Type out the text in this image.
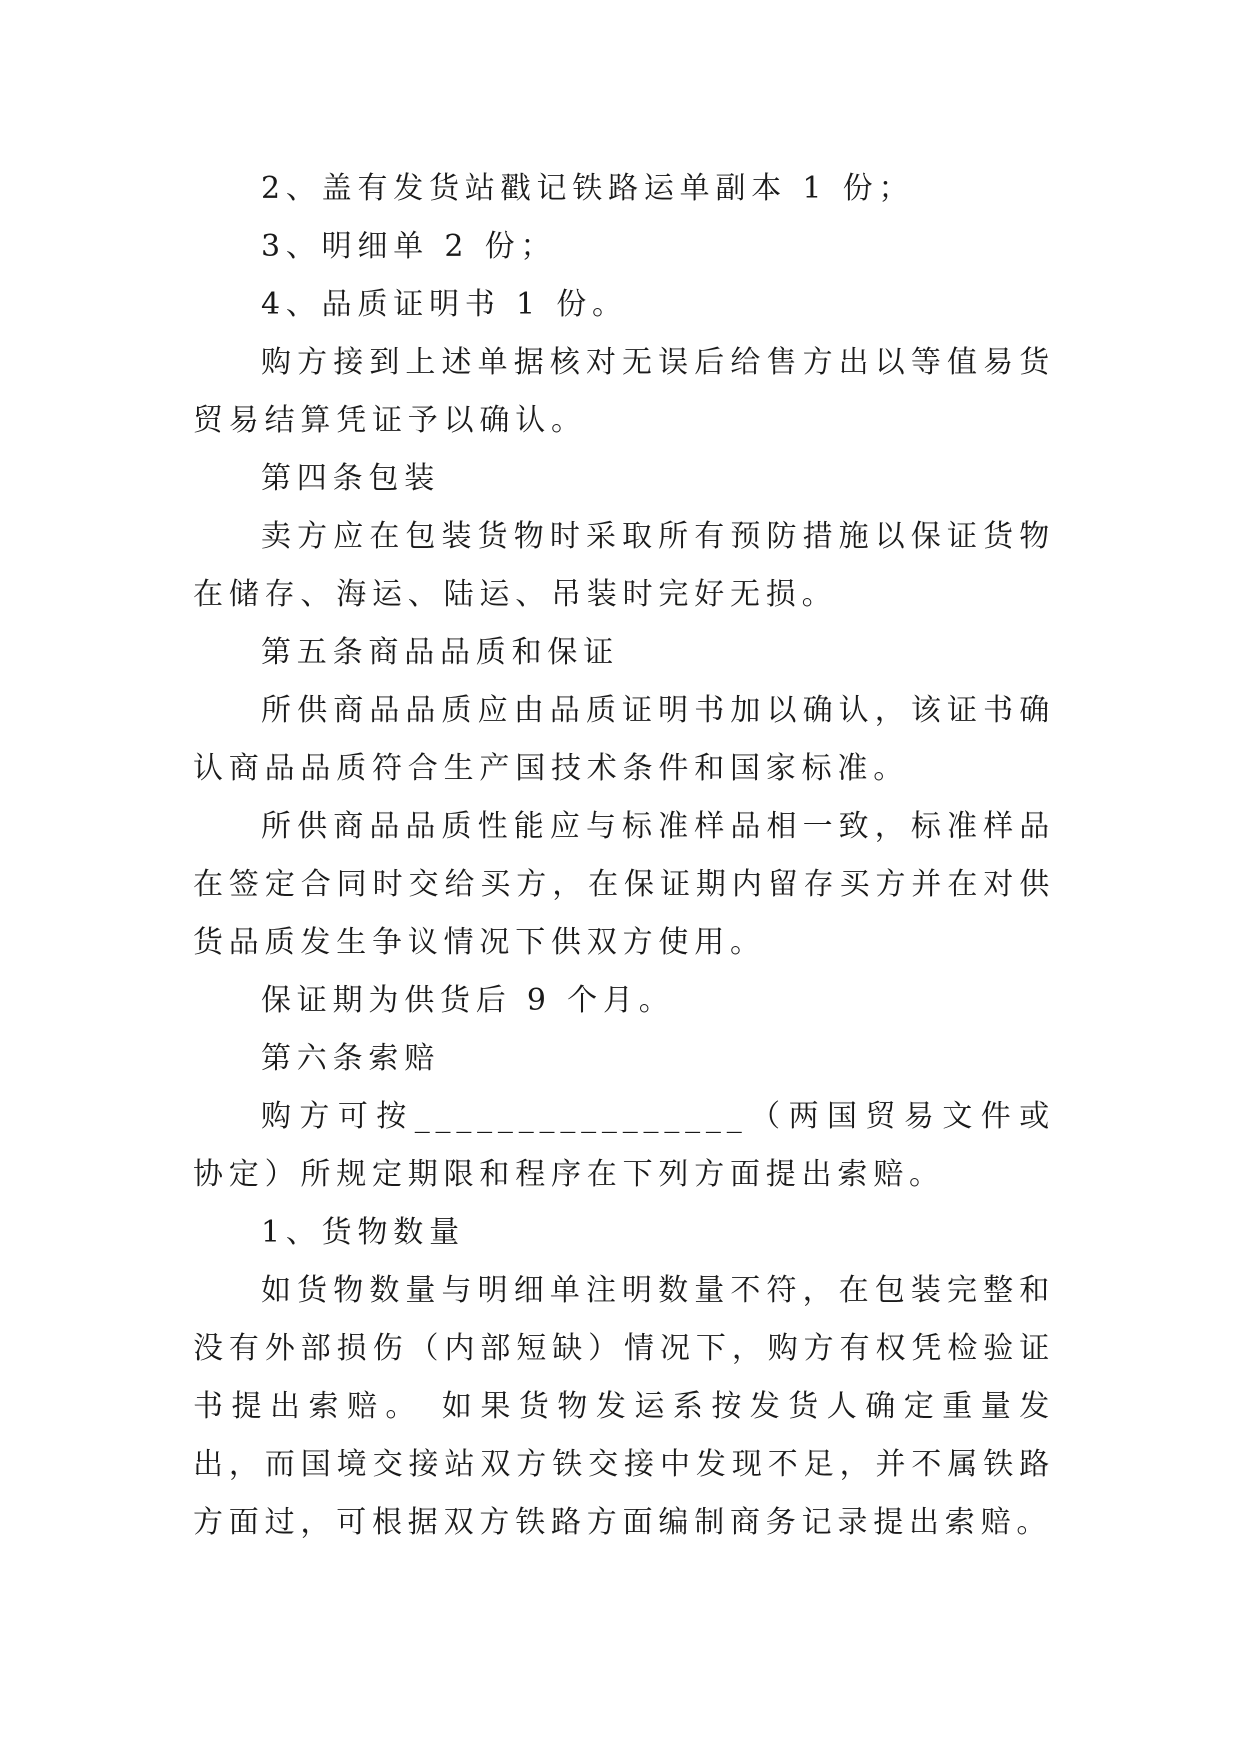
2、盖有发货站戳记铁路运单副本 1 份；

3、明细单 2 份；

4、品质证明书 1 份。

购方接到上述单据核对无误后给售方出以等值易货贸易结算凭证予以确认。

第四条包装

卖方应在包装货物时采取所有预防措施以保证货物在储存、海运、陆运、吊装时完好无损。

第五条商品品质和保证

所供商品品质应由品质证明书加以确认，该证书确认商品品质符合生产国技术条件和国家标准。

所供商品品质性能应与标准样品相一致，标准样品在签定合同时交给买方，在保证期内留存买方并在对供货品质发生争议情况下供双方使用。

保证期为供货后 9 个月。

第六条索赔

购方可按________________（两国贸易文件或协定）所规定期限和程序在下列方面提出索赔。

1、货物数量

如货物数量与明细单注明数量不符，在包装完整和没有外部损伤（内部短缺）情况下，购方有权凭检验证书提出索赔。 如果货物发运系按发货人确定重量发出，而国境交接站双方铁交接中发现不足，并不属铁路方面过，可根据双方铁路方面编制商务记录提出索赔。
